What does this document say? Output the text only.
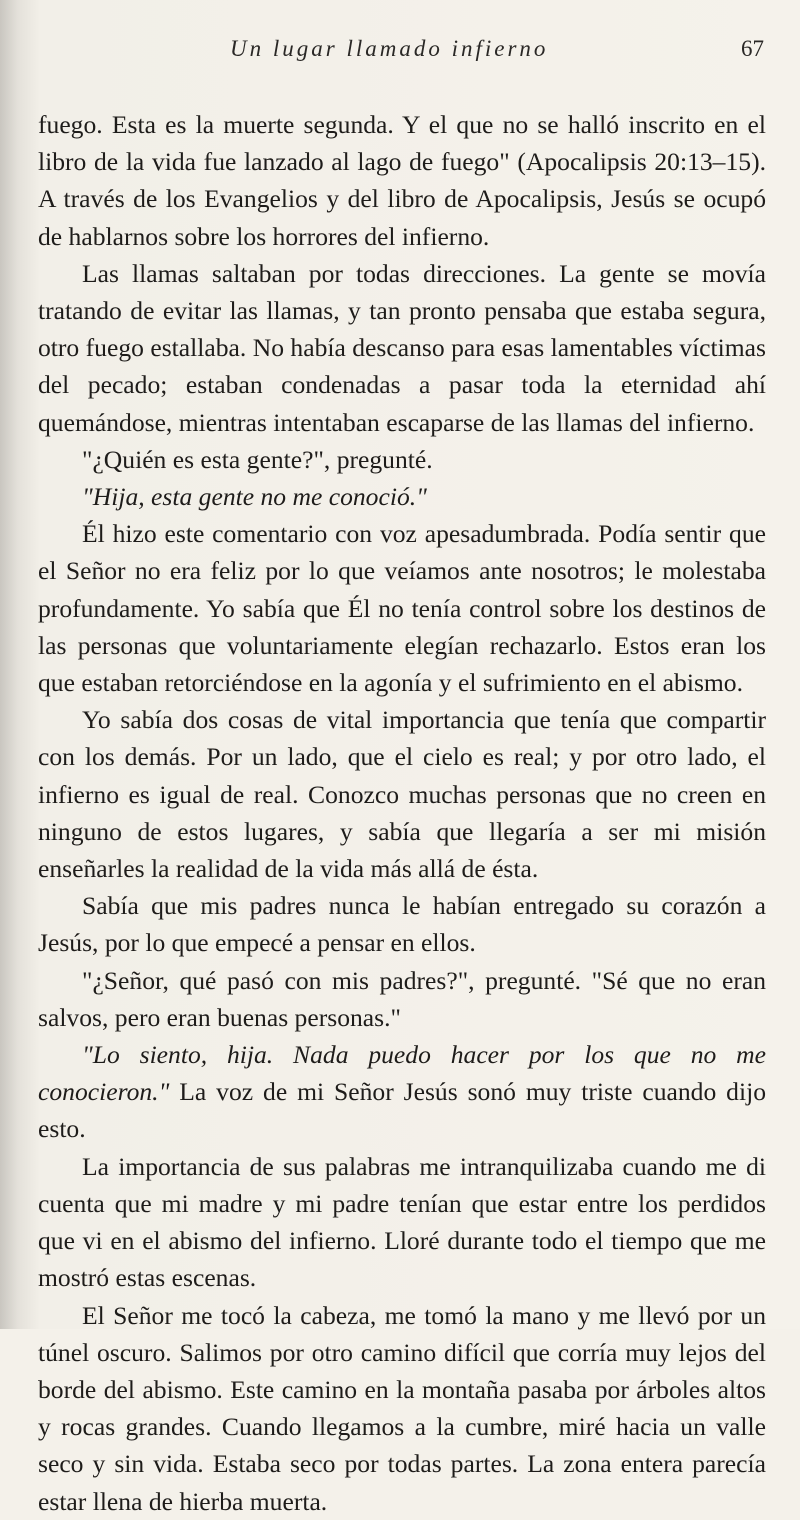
Un lugar llamado infierno	67

fuego. Esta es la muerte segunda. Y el que no se halló inscrito en el libro de la vida fue lanzado al lago de fuego" (Apocalipsis 20:13–15). A través de los Evangelios y del libro de Apocalipsis, Jesús se ocupó de hablarnos sobre los horrores del infierno.

Las llamas saltaban por todas direcciones. La gente se movía tratando de evitar las llamas, y tan pronto pensaba que estaba segura, otro fuego estallaba. No había descanso para esas lamentables víctimas del pecado; estaban condenadas a pasar toda la eternidad ahí quemándose, mientras intentaban escaparse de las llamas del infierno.

"¿Quién es esta gente?", pregunté.

"Hija, esta gente no me conoció."

Él hizo este comentario con voz apesadumbrada. Podía sentir que el Señor no era feliz por lo que veíamos ante nosotros; le molestaba profundamente. Yo sabía que Él no tenía control sobre los destinos de las personas que voluntariamente elegían rechazarlo. Estos eran los que estaban retorciéndose en la agonía y el sufrimiento en el abismo.

Yo sabía dos cosas de vital importancia que tenía que compartir con los demás. Por un lado, que el cielo es real; y por otro lado, el infierno es igual de real. Conozco muchas personas que no creen en ninguno de estos lugares, y sabía que llegaría a ser mi misión enseñarles la realidad de la vida más allá de ésta.

Sabía que mis padres nunca le habían entregado su corazón a Jesús, por lo que empecé a pensar en ellos.

"¿Señor, qué pasó con mis padres?", pregunté. "Sé que no eran salvos, pero eran buenas personas."

"Lo siento, hija. Nada puedo hacer por los que no me conocieron." La voz de mi Señor Jesús sonó muy triste cuando dijo esto.

La importancia de sus palabras me intranquilizaba cuando me di cuenta que mi madre y mi padre tenían que estar entre los perdidos que vi en el abismo del infierno. Lloré durante todo el tiempo que me mostró estas escenas.

El Señor me tocó la cabeza, me tomó la mano y me llevó por un túnel oscuro. Salimos por otro camino difícil que corría muy lejos del borde del abismo. Este camino en la montaña pasaba por árboles altos y rocas grandes. Cuando llegamos a la cumbre, miré hacia un valle seco y sin vida. Estaba seco por todas partes. La zona entera parecía estar llena de hierba muerta.
